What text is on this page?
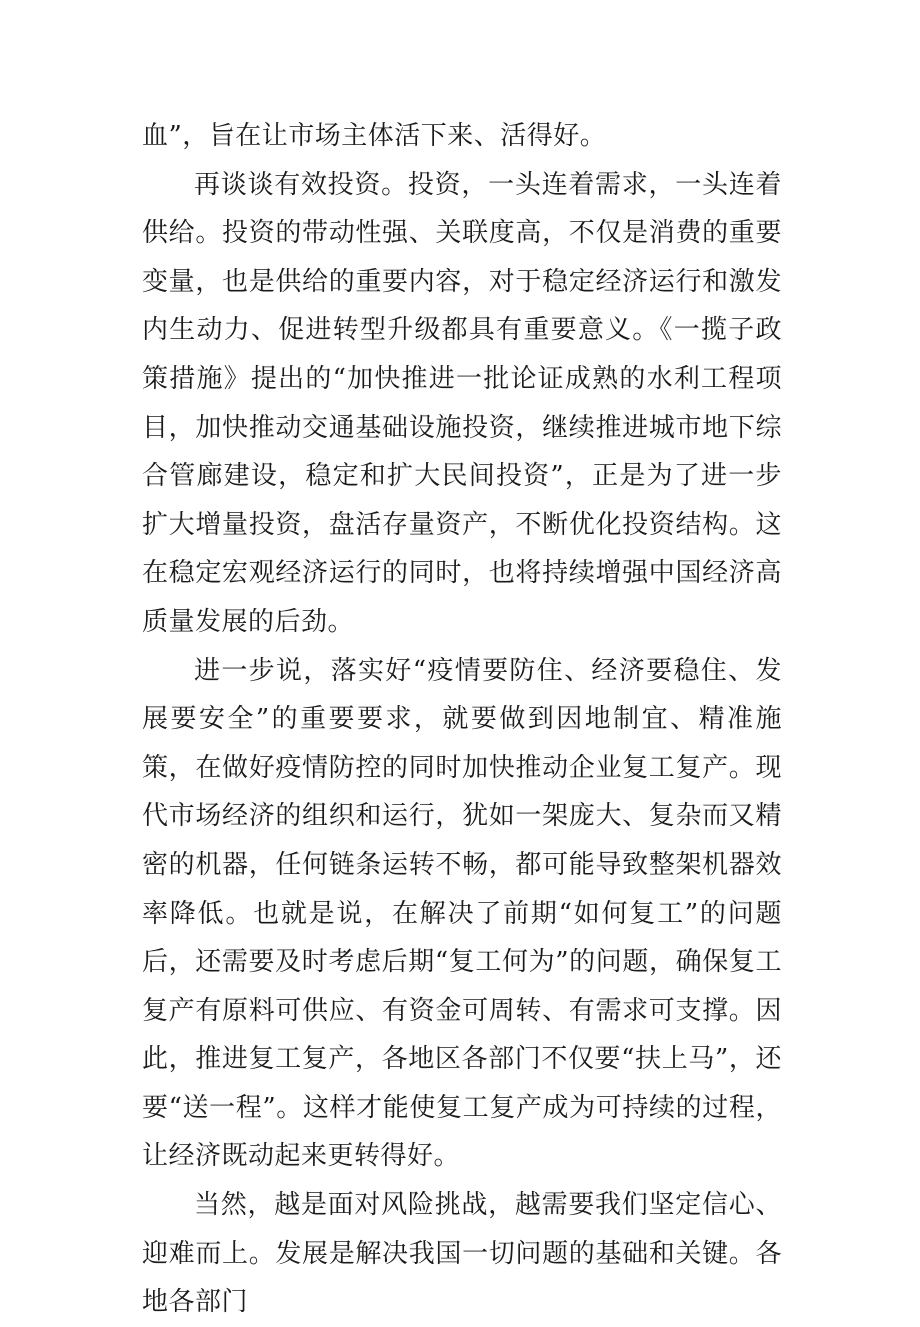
血”，旨在让市场主体活下来、活得好。

再谈谈有效投资。投资，一头连着需求，一头连着供给。投资的带动性强、关联度高，不仅是消费的重要变量，也是供给的重要内容，对于稳定经济运行和激发内生动力、促进转型升级都具有重要意义。《一揽子政策措施》提出的“加快推进一批论证成熟的水利工程项目，加快推动交通基础设施投资，继续推进城市地下综合管廊建设，稳定和扩大民间投资”，正是为了进一步扩大增量投资，盘活存量资产，不断优化投资结构。这在稳定宏观经济运行的同时，也将持续增强中国经济高质量发展的后劲。

进一步说，落实好“疫情要防住、经济要稳住、发展要安全”的重要要求，就要做到因地制宜、精准施策，在做好疫情防控的同时加快推动企业复工复产。现代市场经济的组织和运行，犹如一架庞大、复杂而又精密的机器，任何链条运转不畅，都可能导致整架机器效率降低。也就是说，在解决了前期“如何复工”的问题后，还需要及时考虑后期“复工何为”的问题，确保复工复产有原料可供应、有资金可周转、有需求可支撑。因此，推进复工复产，各地区各部门不仅要“扶上马”，还要“送一程”。这样才能使复工复产成为可持续的过程，让经济既动起来更转得好。

当然，越是面对风险挑战，越需要我们坚定信心、迎难而上。发展是解决我国一切问题的基础和关键。各地各部门
